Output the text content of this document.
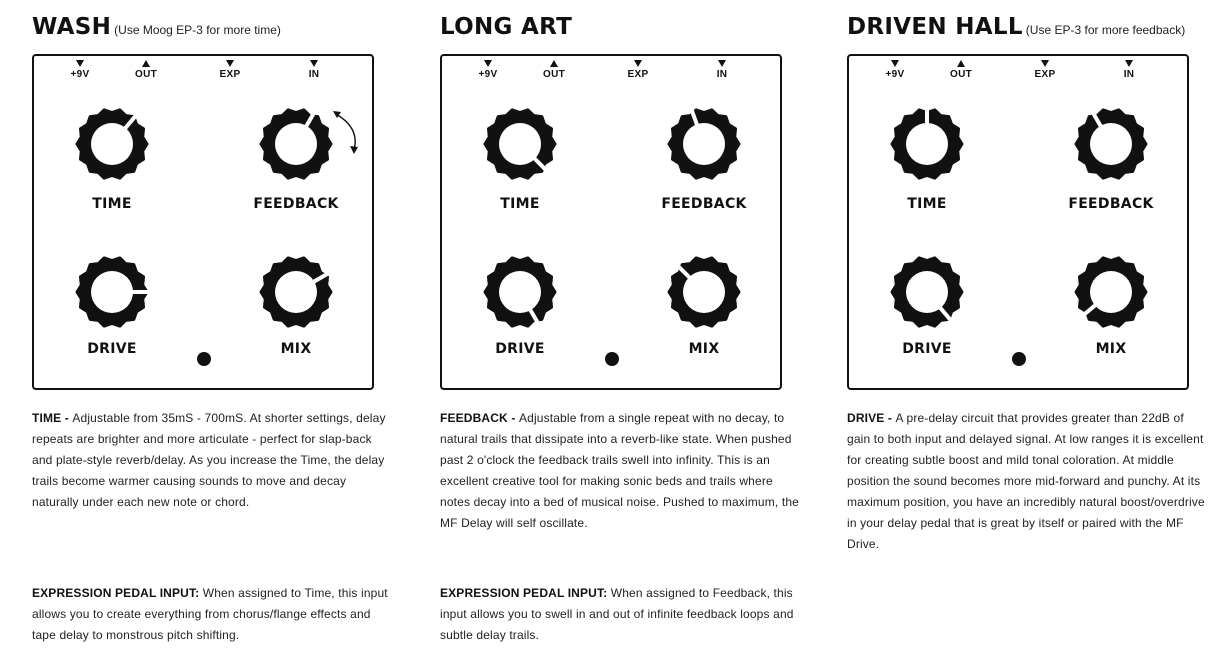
WASH (Use Moog EP-3 for more time)
+9V	OUT	EXP	IN
TIME	FEEDBACK
DRIVE	MIX

TIME - Adjustable from 35mS - 700mS. At shorter settings, delay repeats are brighter and more articulate - perfect for slap-back and plate-style reverb/delay. As you increase the Time, the delay trails become warmer causing sounds to move and decay naturally under each new note or chord.

EXPRESSION PEDAL INPUT: When assigned to Time, this input allows you to create everything from chorus/flange effects and tape delay to monstrous pitch shifting.

LONG ART
+9V	OUT	EXP	IN
TIME	FEEDBACK
DRIVE	MIX

FEEDBACK - Adjustable from a single repeat with no decay, to natural trails that dissipate into a reverb-like state. When pushed past 2 o'clock the feedback trails swell into infinity. This is an excellent creative tool for making sonic beds and trails where notes decay into a bed of musical noise. Pushed to maximum, the MF Delay will self oscillate.

EXPRESSION PEDAL INPUT: When assigned to Feedback, this input allows you to swell in and out of infinite feedback loops and subtle delay trails.

DRIVEN HALL (Use EP-3 for more feedback)
+9V	OUT	EXP	IN
TIME	FEEDBACK
DRIVE	MIX

DRIVE - A pre-delay circuit that provides greater than 22dB of gain to both input and delayed signal. At low ranges it is excellent for creating subtle boost and mild tonal coloration. At middle position the sound becomes more mid-forward and punchy. At its maximum position, you have an incredibly natural boost/overdrive in your delay pedal that is great by itself or paired with the MF Drive.
